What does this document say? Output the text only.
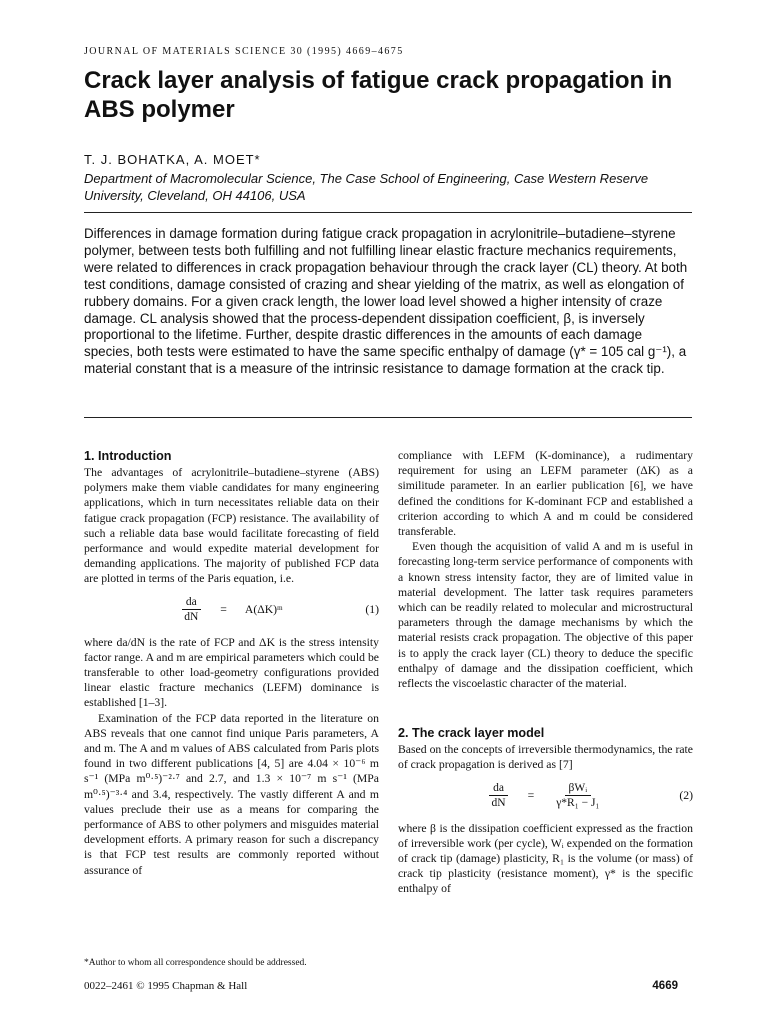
JOURNAL OF MATERIALS SCIENCE 30 (1995) 4669–4675
Crack layer analysis of fatigue crack propagation in ABS polymer
T. J. BOHATKA, A. MOET*
Department of Macromolecular Science, The Case School of Engineering, Case Western Reserve University, Cleveland, OH 44106, USA
Differences in damage formation during fatigue crack propagation in acrylonitrile–butadiene–styrene polymer, between tests both fulfilling and not fulfilling linear elastic fracture mechanics requirements, were related to differences in crack propagation behaviour through the crack layer (CL) theory. At both test conditions, damage consisted of crazing and shear yielding of the matrix, as well as elongation of rubbery domains. For a given crack length, the lower load level showed a higher intensity of craze damage. CL analysis showed that the process-dependent dissipation coefficient, β, is inversely proportional to the lifetime. Further, despite drastic differences in the amounts of each damage species, both tests were estimated to have the same specific enthalpy of damage (γ* = 105 cal g⁻¹), a material constant that is a measure of the intrinsic resistance to damage formation at the crack tip.
1. Introduction

The advantages of acrylonitrile–butadiene–styrene (ABS) polymers make them viable candidates for many engineering applications, which in turn necessitates reliable data on their fatigue crack propagation (FCP) resistance. The availability of such a reliable data base would facilitate forecasting of field performance and would expedite material development for demanding applications. The majority of published FCP data are plotted in terms of the Paris equation, i.e.

$\frac{da}{dN}$ = A(ΔK)ᵐ	(1)

where da/dN is the rate of FCP and ΔK is the stress intensity factor range. A and m are empirical parameters which could be transferable to other load-geometry configurations provided linear elastic fracture mechanics (LEFM) dominance is established [1–3].

Examination of the FCP data reported in the literature on ABS reveals that one cannot find unique Paris parameters, A and m. The A and m values of ABS calculated from Paris plots found in two different publications [4, 5] are 4.04 × 10⁻⁶ m s⁻¹ (MPa m⁰·⁵)⁻²·⁷ and 2.7, and 1.3 × 10⁻⁷ m s⁻¹ (MPa m⁰·⁵)⁻³·⁴ and 3.4, respectively. The vastly different A and m values preclude their use as a means for comparing the performance of ABS to other polymers and misguides material development efforts. A primary reason for such a discrepancy is that FCP test results are commonly reported without assurance of

compliance with LEFM (K-dominance), a rudimentary requirement for using an LEFM parameter (ΔK) as a similitude parameter. In an earlier publication [6], we have defined the conditions for K-dominant FCP and established a criterion according to which A and m could be considered transferable.

Even though the acquisition of valid A and m is useful in forecasting long-term service performance of components with a known stress intensity factor, they are of limited value in material development. The latter task requires parameters which can be readily related to molecular and microstructural parameters through the damage mechanisms by which the material resists crack propagation. The objective of this paper is to apply the crack layer (CL) theory to deduce the specific enthalpy of damage and the dissipation coefficient, which reflects the viscoelastic character of the material.

2. The crack layer model

Based on the concepts of irreversible thermodynamics, the rate of crack propagation is derived as [7]

$\frac{da}{dN} = \frac{\text{βWᵢ}}{\text{γ*R₁ − J₁}}$	(2)

where β is the dissipation coefficient expressed as the fraction of irreversible work (per cycle), Wᵢ expended on the formation of crack tip (damage) plasticity, R₁ is the volume (or mass) of crack tip plasticity (resistance moment), γ* is the specific enthalpy of

*Author to whom all correspondence should be addressed.
0022–2461 © 1995 Chapman & Hall	4669
